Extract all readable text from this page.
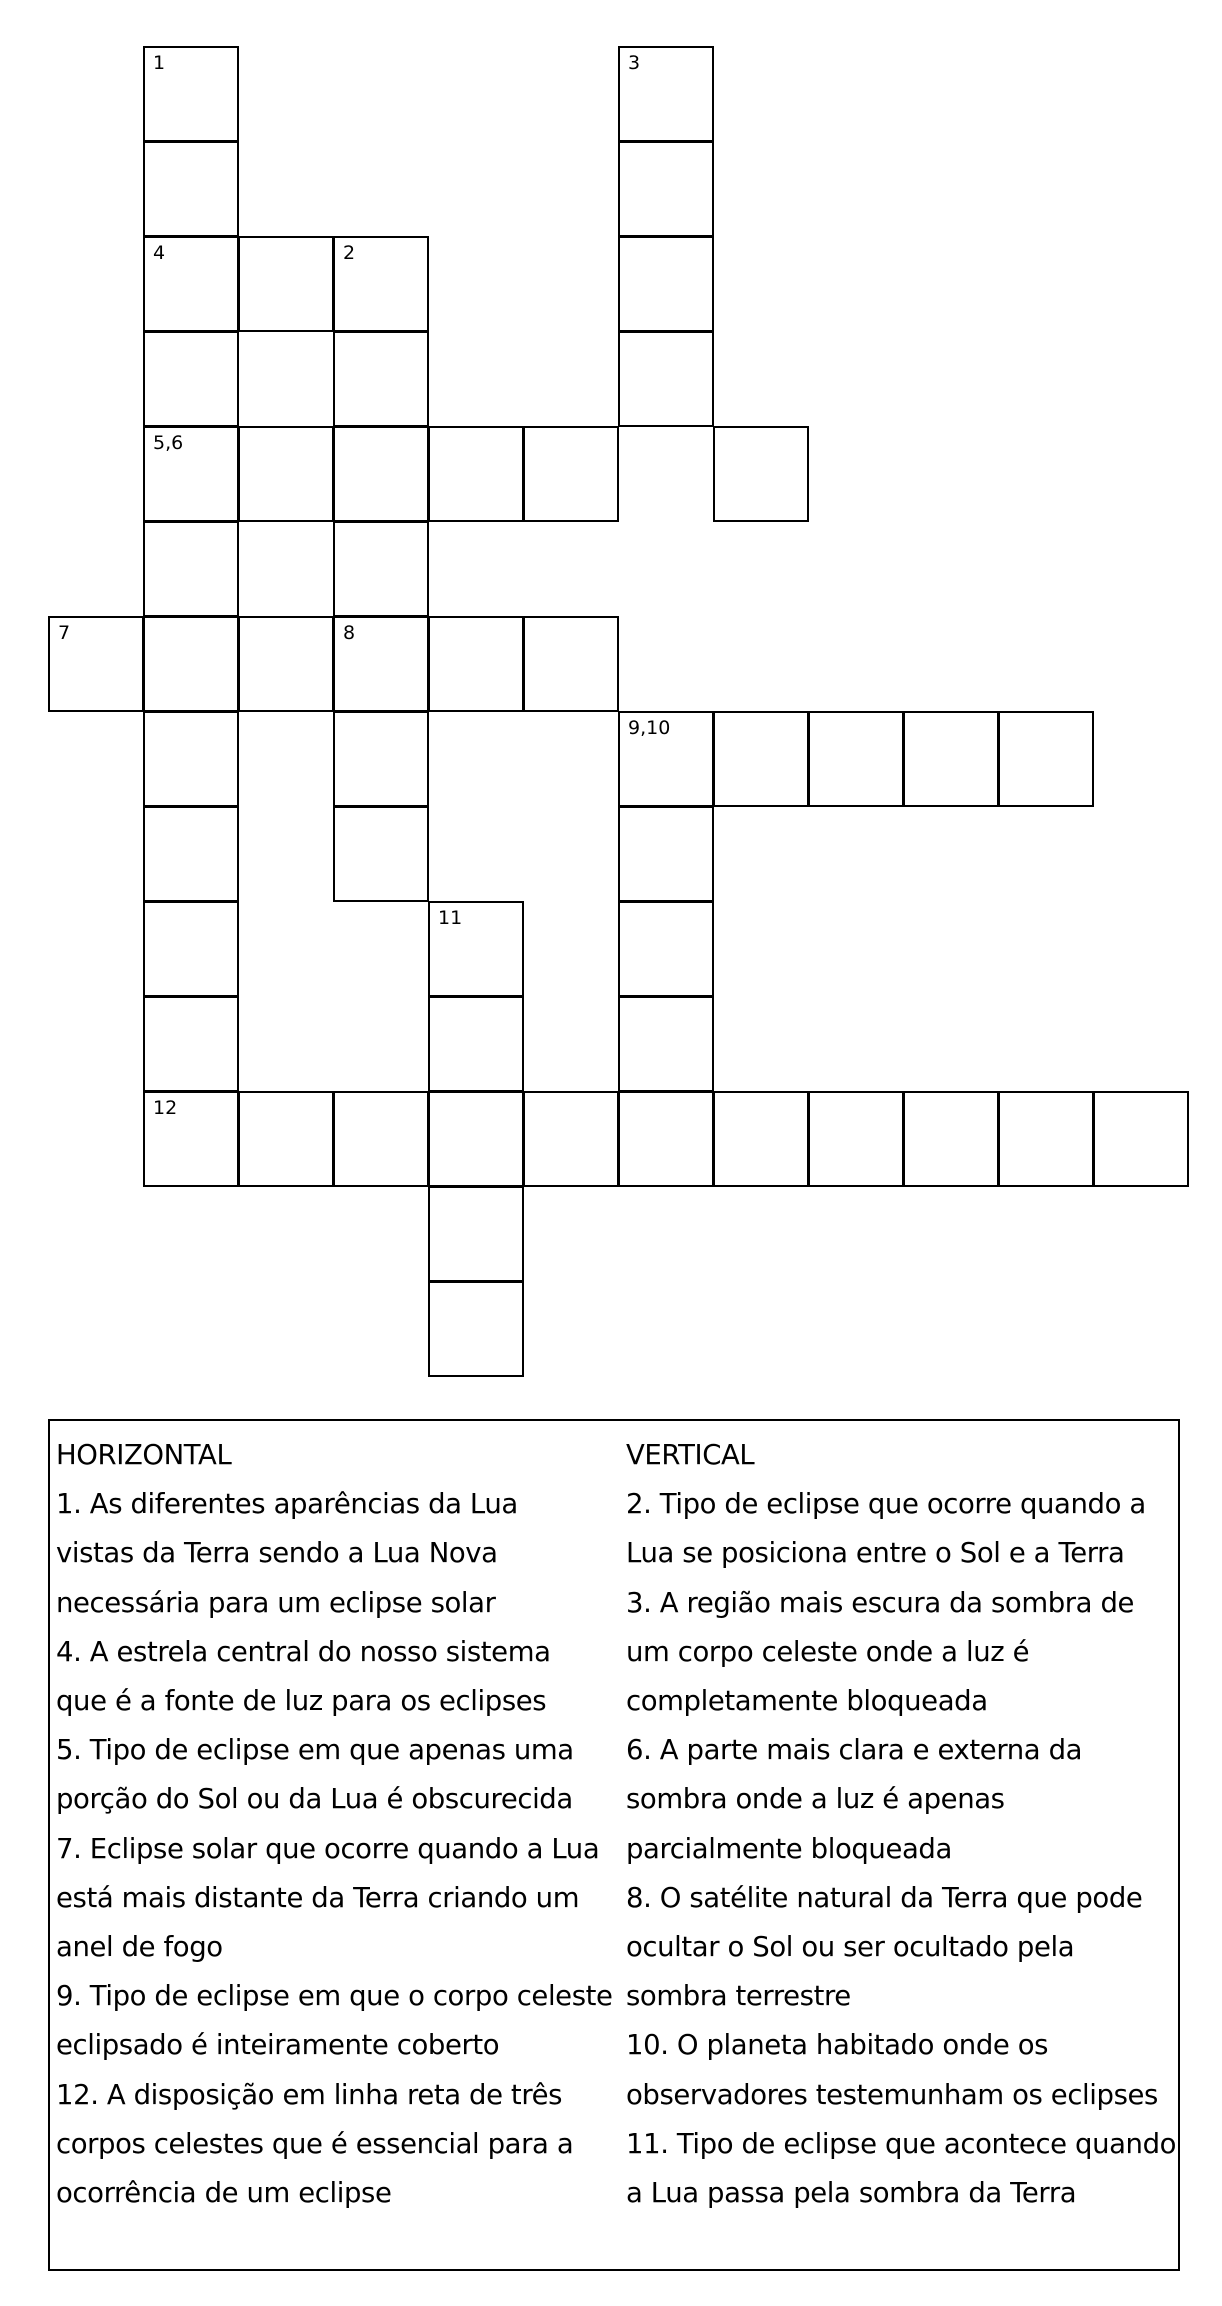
1
4	2
3
5,6
7	8
9,10
11
12
HORIZONTAL
1. As diferentes aparências da Lua
vistas da Terra sendo a Lua Nova
necessária para um eclipse solar
4. A estrela central do nosso sistema
que é a fonte de luz para os eclipses
5. Tipo de eclipse em que apenas uma
porção do Sol ou da Lua é obscurecida
7. Eclipse solar que ocorre quando a Lua
está mais distante da Terra criando um
anel de fogo
9. Tipo de eclipse em que o corpo celeste
eclipsado é inteiramente coberto
12. A disposição em linha reta de três
corpos celestes que é essencial para a
ocorrência de um eclipse
VERTICAL
2. Tipo de eclipse que ocorre quando a
Lua se posiciona entre o Sol e a Terra
3. A região mais escura da sombra de
um corpo celeste onde a luz é
completamente bloqueada
6. A parte mais clara e externa da
sombra onde a luz é apenas
parcialmente bloqueada
8. O satélite natural da Terra que pode
ocultar o Sol ou ser ocultado pela
sombra terrestre
10. O planeta habitado onde os
observadores testemunham os eclipses
11. Tipo de eclipse que acontece quando
a Lua passa pela sombra da Terra
